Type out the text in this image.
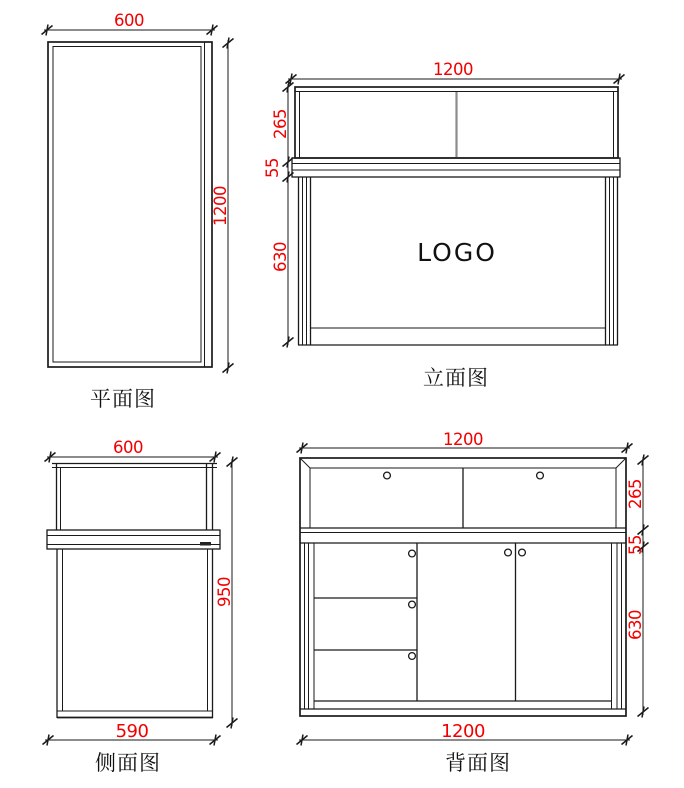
600
1200
平面图
1200
265
55
630	LOGO
立面图
600
950
590
侧面图
1200
265
55
630
1200
背面图
